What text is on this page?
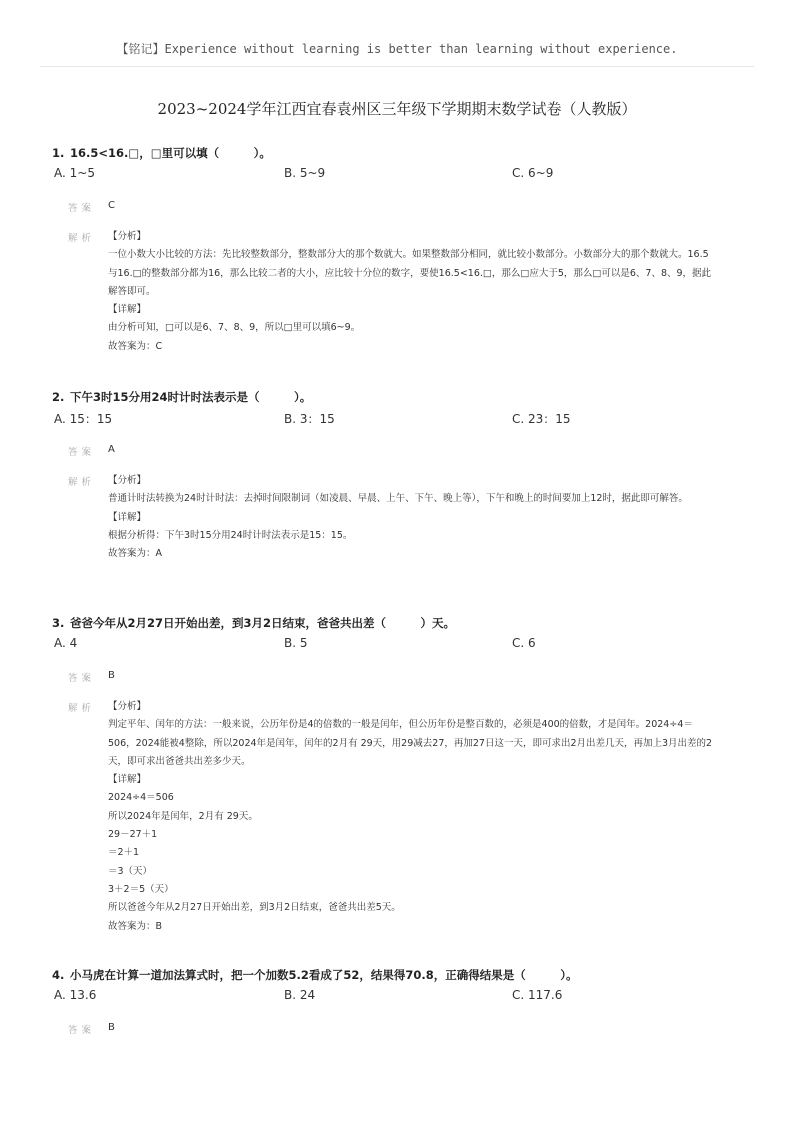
【铭记】Experience without learning is better than learning without experience.
2023~2024学年江西宜春袁州区三年级下学期期末数学试卷（人教版）
1. 16.5<16.□，□里可以填（　　　）。
A. 1~5	B. 5~9	C. 6~9
答案 C
解析 【分析】

一位小数大小比较的方法：先比较整数部分，整数部分大的那个数就大。如果整数部分相同，就比较小数部分。小数部分大的那个数就大。16.5与16.□的整数部分都为16，那么比较二者的大小，应比较十分位的数字，要使16.5<16.□，那么□应大于5，那么□可以是6、7、8、9，据此解答即可。

【详解】

由分析可知，□可以是6、7、8、9，所以□里可以填6~9。

故答案为：C

2. 下午3时15分用24时计时法表示是（　　　）。
A. 15：15	B. 3：15	C. 23：15
答案 A
解析 【分析】

普通计时法转换为24时计时法：去掉时间限制词（如凌晨、早晨、上午、下午、晚上等），下午和晚上的时间要加上12时，据此即可解答。

【详解】

根据分析得：下午3时15分用24时计时法表示是15：15。

故答案为：A

3. 爸爸今年从2月27日开始出差，到3月2日结束，爸爸共出差（　　　）天。
A. 4	B. 5	C. 6
答案 B
解析 【分析】

判定平年、闰年的方法：一般来说，公历年份是4的倍数的一般是闰年，但公历年份是整百数的，必须是400的倍数，才是闰年。2024÷4＝506，2024能被4整除，所以2024年是闰年，闰年的2月有 29天，用29减去27，再加27日这一天，即可求出2月出差几天，再加上3月出差的2天，即可求出爸爸共出差多少天。

【详解】

2024÷4＝506

所以2024年是闰年，2月有 29天。

29－27＋1

＝2＋1

＝3（天）

3＋2＝5（天）

所以爸爸今年从2月27日开始出差，到3月2日结束，爸爸共出差5天。

故答案为：B

4. 小马虎在计算一道加法算式时，把一个加数5.2看成了52，结果得70.8，正确得结果是（　　　）。
A. 13.6	B. 24	C. 117.6
答案 B
